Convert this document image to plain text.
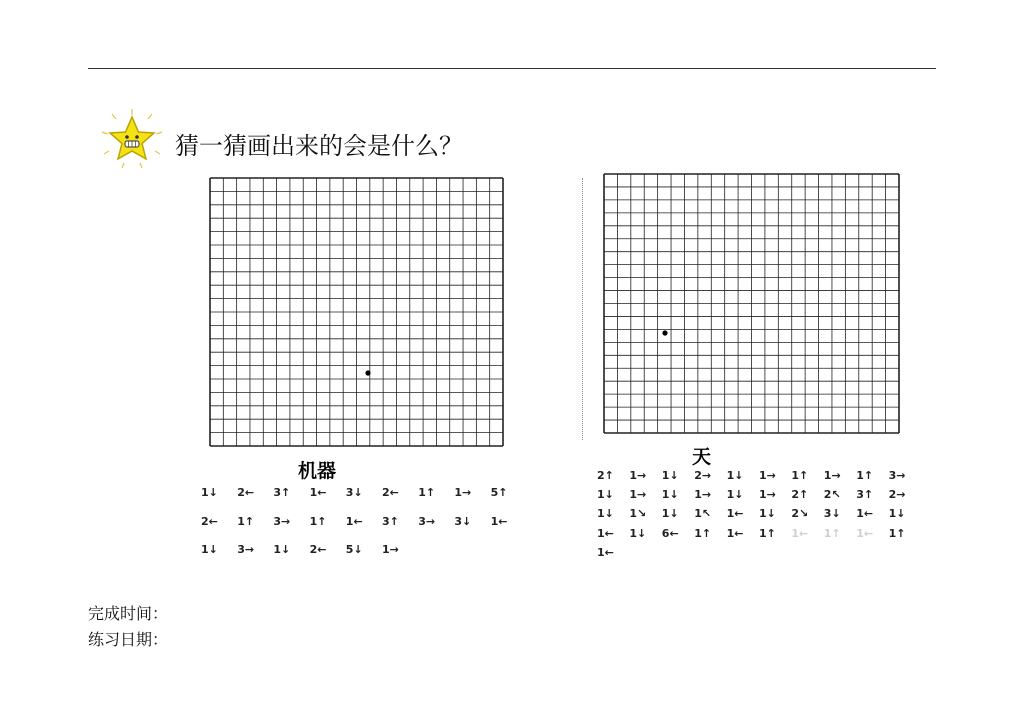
猜一猜画出来的会是什么？
机器
1↓ 2← 3↑ 1← 3↓ 2← 1↑ 1→ 5↑
2← 1↑ 3→ 1↑ 1← 3↑ 3→ 3↓ 1←
1↓ 3→ 1↓ 2← 5↓ 1→
天
2↑ 1→ 1↓ 2→ 1↓ 1→ 1↑ 1→ 1↑ 3→
1↓ 1→ 1↓ 1→ 1↓ 1→ 2↑ 2↖ 3↑ 2→
1↓ 1↘ 1↓ 1↖ 1← 1↓ 2↘ 3↓ 1← 1↓
1← 1↓ 6← 1↑ 1← 1↑ 1← 1↑ 1← 1↑
1←
完成时间：
练习日期：
